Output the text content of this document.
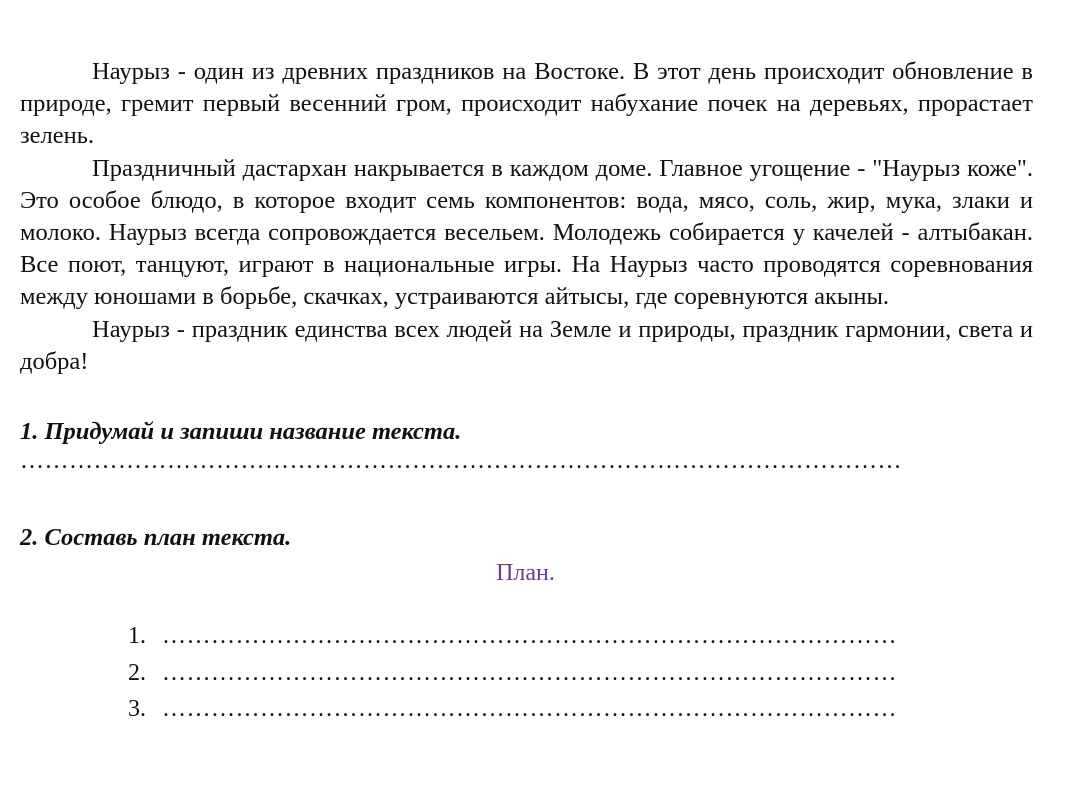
Наурыз - один из древних праздников на Востоке. В этот день происходит обновление в природе, гремит первый весенний гром, происходит набухание почек на деревьях, прорастает зелень.

Праздничный дастархан накрывается в каждом доме. Главное угощение - "Наурыз коже". Это особое блюдо, в которое входит семь компонентов: вода, мясо, соль, жир, мука, злаки и молоко. Наурыз всегда сопровождается весельем. Молодежь собирается у качелей - алтыбакан. Все поют, танцуют, играют в национальные игры. На Наурыз часто проводятся соревнования между юношами в борьбе, скачках, устраиваются айтысы, где соревнуются акыны.

Наурыз - праздник единства всех людей на Земле и природы, праздник гармонии, света и добра!

1. Придумай и запиши название текста.

………………………………………………………………………………………………

2. Составь план текста.

План.

1. ………………………………………………………………………………
2. ………………………………………………………………………………
3. ………………………………………………………………………………
